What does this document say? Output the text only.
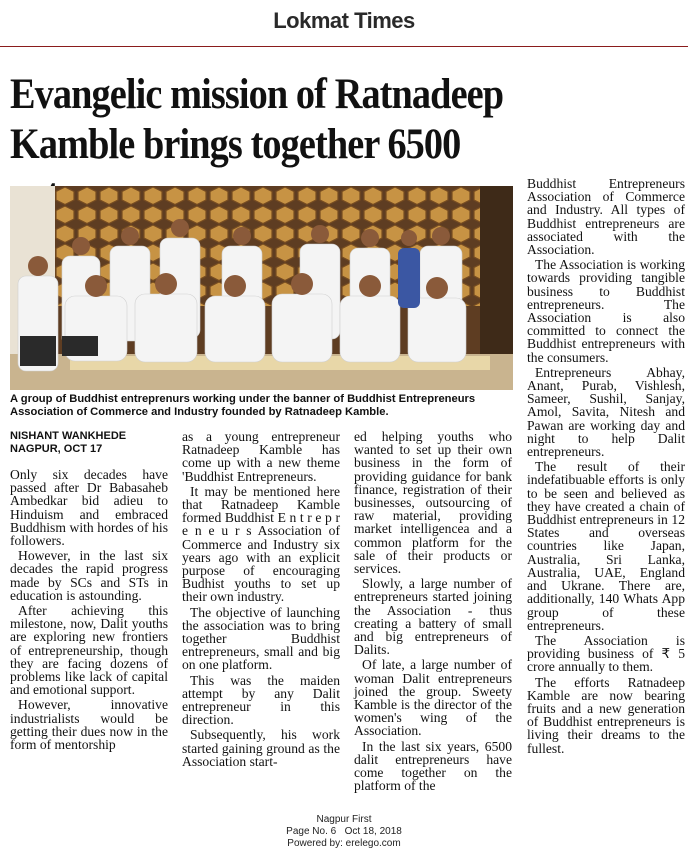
Lokmat Times
Evangelic mission of Ratnadeep Kamble brings together 6500
A group of Buddhist entreprenurs working under the banner of Buddhist Entrepreneurs Association of Commerce and Industry founded by Ratnadeep Kamble.
NISHANT WANKHEDE
NAGPUR, OCT 17

Only six decades have passed after Dr Babasaheb Ambedkar bid adieu to Hinduism and embraced Buddhism with hordes of his followers.

However, in the last six decades the rapid progress made by SCs and STs in education is astounding.

After achieving this milestone, now, Dalit youths are exploring new frontiers of entrepreneurship, though they are facing dozens of problems like lack of capital and emotional support.

However, innovative industrialists would be getting their dues now in the form of mentorship

as a young entrepreneur Ratnadeep Kamble has come up with a new theme 'Buddhist Entrepreneurs.

It may be mentioned here that Ratnadeep Kamble formed Buddhist E n t r e p r e n e u r s Association of Commerce and Industry six years ago with an explicit purpose of encouraging Budhist youths to set up their own industry.

The objective of launching the association was to bring together Buddhist entrepreneurs, small and big on one platform.

This was the maiden attempt by any Dalit entrepreneur in this direction.

Subsequently, his work started gaining ground as the Association start-

ed helping youths who wanted to set up their own business in the form of providing guidance for bank finance, registration of their businesses, outsourcing of raw material, providing market intelligencea and a common platform for the sale of their products or services.

Slowly, a large number of entrepreneurs started joining the Association - thus creating a battery of small and big entrepreneurs of Dalits.

Of late, a large number of woman Dalit entrepreneurs joined the group. Sweety Kamble is the director of the women's wing of the Association.

In the last six years, 6500 dalit entrepreneurs have come together on the platform of the

Buddhist Entrepreneurs Association of Commerce and Industry. All types of Buddhist entrepreneurs are associated with the Association.

The Association is working towards providing tangible business to Buddhist entrepreneurs. The Association is also committed to connect the Buddhist entrepreneurs with the consumers.

Entrepreneurs Abhay, Anant, Purab, Vishlesh, Sameer, Sushil, Sanjay, Amol, Savita, Nitesh and Pawan are working day and night to help Dalit entrepreneurs.

The result of their indefatibuable efforts is only to be seen and believed as they have created a chain of Buddhist entrepreneurs in 12 States and overseas countries like Japan, Australia, Sri Lanka, Australia, UAE, England and Ukrane. There are, additionally, 140 Whats App group of these entrepreneurs.

The Association is providing business of ₹ 5 crore annually to them.

The efforts Ratnadeep Kamble are now bearing fruits and a new generation of Buddhist entrepreneurs is living their dreams to the fullest.

Nagpur First
Page No. 6 Oct 18, 2018
Powered by: erelego.com
